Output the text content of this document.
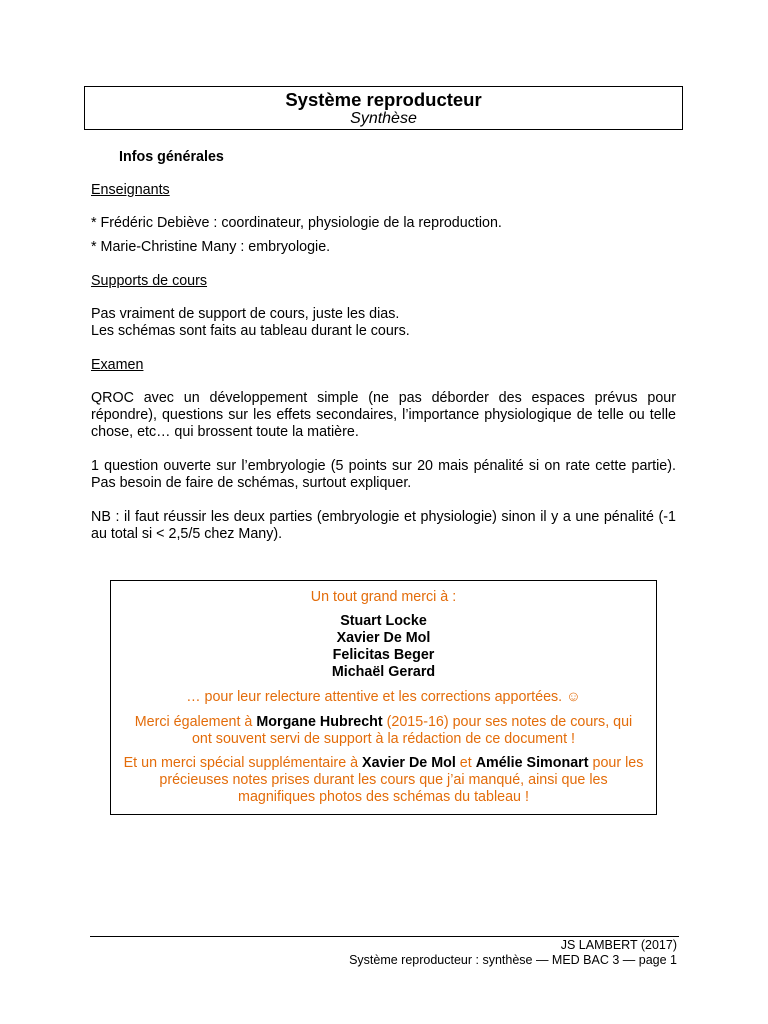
Système reproducteur
Synthèse
Infos générales
Enseignants
* Frédéric Debiève : coordinateur, physiologie de la reproduction.
* Marie-Christine Many : embryologie.
Supports de cours
Pas vraiment de support de cours, juste les dias.
Les schémas sont faits au tableau durant le cours.
Examen
QROC avec un développement simple (ne pas déborder des espaces prévus pour répondre), questions sur les effets secondaires, l’importance physiologique de telle ou telle chose, etc… qui brossent toute la matière.
1 question ouverte sur l’embryologie (5 points sur 20 mais pénalité si on rate cette partie). Pas besoin de faire de schémas, surtout expliquer.
NB : il faut réussir les deux parties (embryologie et physiologie) sinon il y a une pénalité (-1 au total si < 2,5/5 chez Many).

Un tout grand merci à :

Stuart Locke
Xavier De Mol
Felicitas Beger
Michaël Gerard

… pour leur relecture attentive et les corrections apportées. ☺

Merci également à Morgane Hubrecht (2015-16) pour ses notes de cours, qui ont souvent servi de support à la rédaction de ce document !

Et un merci spécial supplémentaire à Xavier De Mol et Amélie Simonart pour les précieuses notes prises durant les cours que j’ai manqué, ainsi que les magnifiques photos des schémas du tableau !

JS LAMBERT (2017)
Système reproducteur : synthèse — MED BAC 3 — page 1
